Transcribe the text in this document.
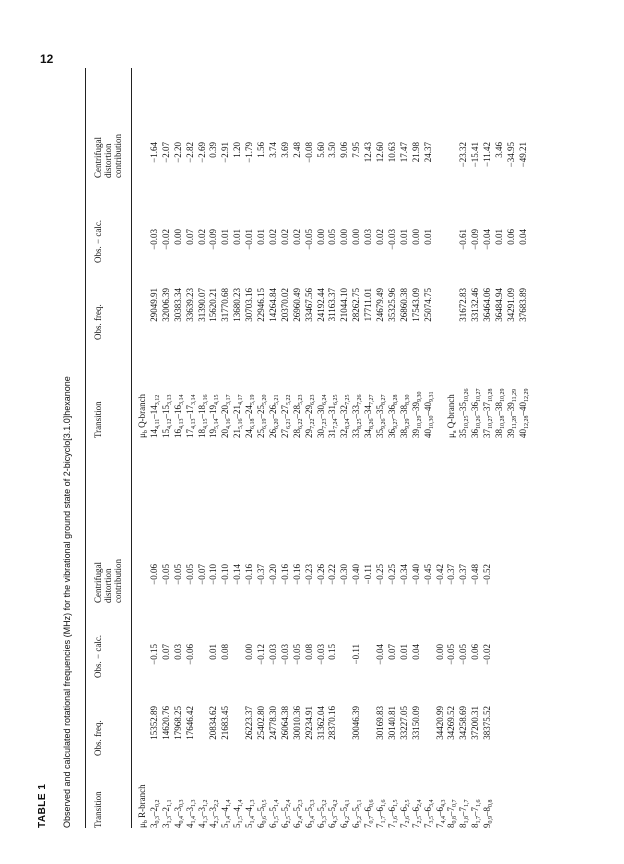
12
TABLE 1 Observed and calculated rotational frequencies (MHz) for the vibrational ground state of 2-bicyclo[3.1.0]hexanone Transition
Obs. freq.
Obs. − calc.
Centrifugal
distortion
contribution
Transition
Obs. freq.
Obs. − calc.
Centrifugal
distortion
contribution
$\mu_b$ R-branch
$3_{0,3}-2_{0,2}$
15352.89
−0.15
−0.06
$3_{1,3}-2_{1,1}$
14620.76
0.07
−0.05
$4_{0,4}-3_{0,3}$
17968.25
0.03
−0.05
$4_{1,4}-3_{1,3}$
17646.42
−0.06
−0.05
$4_{1,3}-3_{1,2}$
−0.07
$4_{2,3}-3_{2,2}$
20834.62
0.01
−0.10
$5_{1,4}-4_{1,4}$
21683.45
0.08
−0.10
$5_{1,5}-4_{1,4}$
−0.14
$5_{1,4}-4_{1,3}$
26223.37
0.00
−0.16
$6_{0,6}-5_{0,5}$
25402.80
−0.12
−0.37
$6_{1,5}-5_{1,4}$
24778.30
−0.03
−0.20
$6_{2,5}-5_{2,4}$
26064.38
−0.03
−0.16
$6_{2,4}-5_{2,3}$
30010.36
−0.05
−0.16
$6_{3,4}-5_{3,3}$
29234.91
0.08
−0.23
$6_{3,3}-5_{3,2}$
31362.04
−0.03
−0.26
$6_{4,3}-5_{4,2}$
28370.16
0.15
−0.22
$6_{4,2}-5_{4,1}$
−0.30
$6_{5,2}-5_{5,1}$
30046.39
−0.11
−0.40
$7_{0,7}-6_{0,6}$
−0.11
$7_{1,7}-6_{1,6}$
30169.83
−0.04
−0.25
$7_{1,6}-6_{1,5}$
30140.81
0.07
−0.25
$7_{2,6}-6_{2,5}$
33227.05
0.01
−0.34
$7_{2,5}-6_{2,4}$
33150.09
0.04
−0.40
$7_{3,5}-6_{3,4}$
−0.45
$7_{4,4}-6_{4,3}$
34420.99
0.00
−0.42
$8_{0,8}-7_{0,7}$
34269.52
−0.05
−0.37
$8_{1,8}-7_{1,7}$
34258.69
−0.05
−0.37
$8_{1,7}-7_{1,6}$
37200.31
0.06
−0.48
$9_{0,9}-8_{0,8}$
38375.52
−0.02
−0.52
$\mu_b$ Q-branch
$14_{4,11}-14_{3,12}$
29049.91
−0.03
−1.64
$15_{4,12}-15_{3,13}$
32006.39
−0.02
−2.07
$16_{4,13}-16_{3,14}$
30383.34
0.00
−2.20
$17_{4,13}-17_{3,14}$
33639.23
0.07
−2.82
$18_{4,15}-18_{3,16}$
31390.07
0.02
−2.69
$19_{5,14}-19_{4,15}$
15620.21
−0.09
0.39
$20_{4,16}-20_{3,17}$
31770.68
0.01
−2.91
$21_{5,16}-21_{4,17}$
13680.23
0.01
1.20
$24_{6,18}-24_{5,19}$
30703.16
−0.01
−1.79
$25_{6,19}-25_{5,20}$
22946.15
0.01
1.56
$26_{6,20}-26_{5,21}$
14264.84
0.02
3.74
$27_{6,21}-27_{5,22}$
20370.02
0.02
3.69
$28_{6,22}-28_{5,23}$
26960.49
0.02
2.48
$29_{7,22}-29_{6,23}$
33467.56
−0.05
−0.08
$30_{7,23}-30_{6,24}$
24192.44
0.00
5.60
$31_{7,24}-31_{6,25}$
31163.37
0.05
3.50
$32_{8,24}-32_{7,25}$
21044.10
0.00
9.06
$33_{8,25}-33_{7,26}$
28262.75
0.00
7.95
$34_{8,26}-34_{7,27}$
17711.01
0.03
12.43
$35_{9,26}-35_{8,27}$
24679.49
0.02
12.60
$36_{9,27}-36_{8,28}$
35325.96
−0.03
10.63
$38_{9,29}-38_{8,30}$
26860.38
0.01
17.47
$39_{10,29}-39_{9,30}$
17543.09
0.00
21.98
$40_{10,30}-40_{9,31}$
25074.75
0.01
24.37
$\mu_a$ Q-branch
$35_{10,25}-35_{10,26}$
31672.83
−0.61
−23.32
$36_{10,26}-36_{10,27}$
33132.46
−0.09
−15.41
$37_{10,27}-37_{10,28}$
36464.06
−0.04
−11.42
$38_{10,28}-38_{10,29}$
36484.94
0.01
3.46
$39_{11,28}-39_{11,29}$
34291.09
0.06
−34.95
$40_{12,28}-40_{12,29}$
37683.89
0.04
−49.21
